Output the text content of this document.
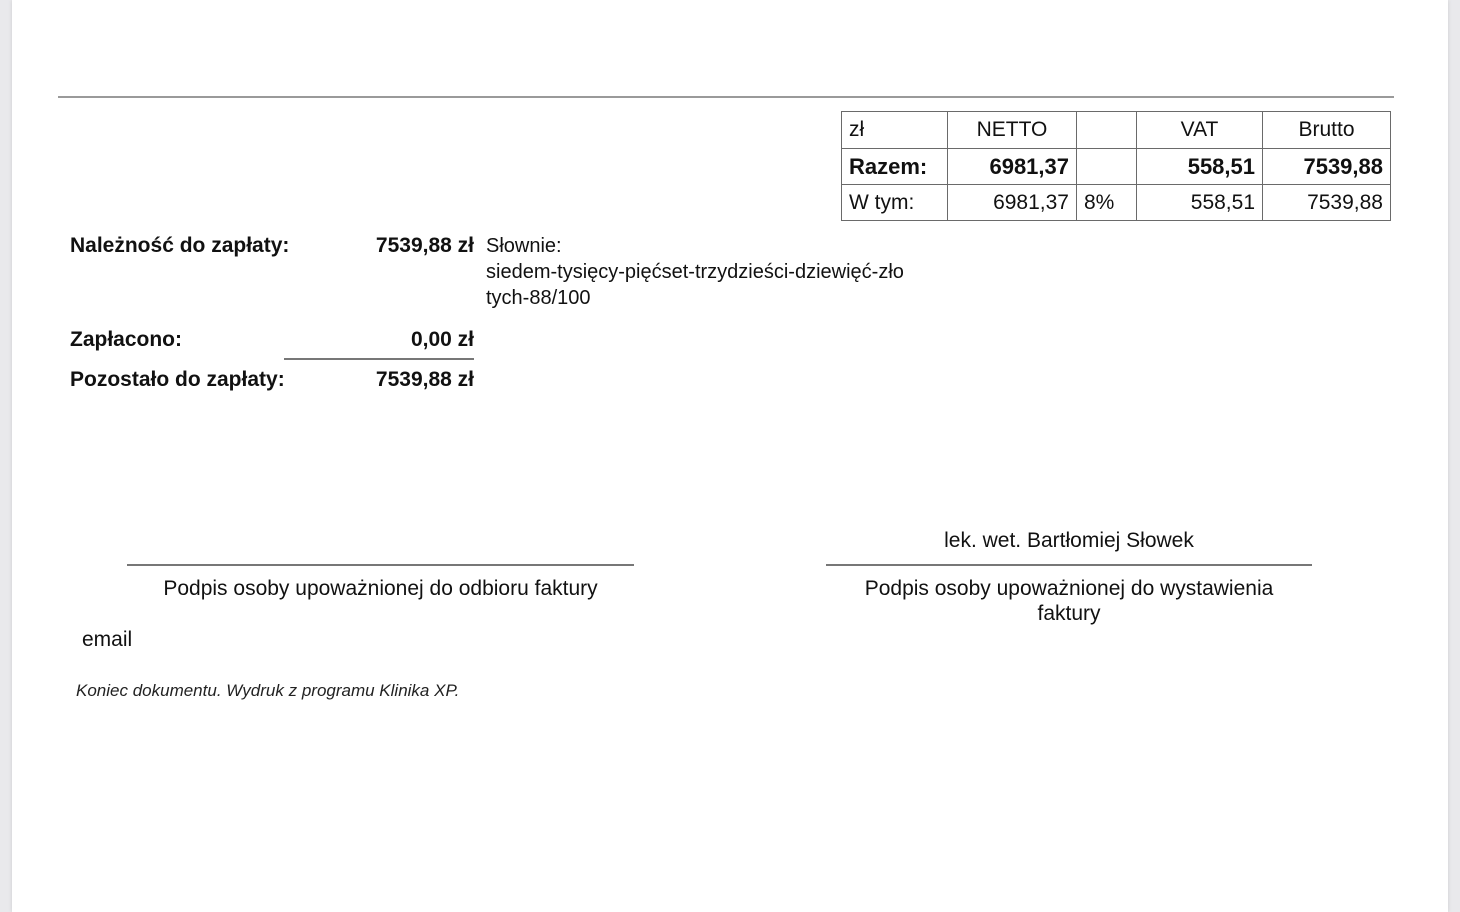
zł	NETTO		VAT	Brutto
Razem:	6981,37		558,51	7539,88
W tym:	6981,37	8%	558,51	7539,88
Należność do zapłaty:	7539,88 zł Słownie:
siedem-tysięcy-pięćset-trzydzieści-dziewięć-zło
tych-88/100
Zapłacono:	0,00 zł
Pozostało do zapłaty:	7539,88 zł
lek. wet. Bartłomiej Słowek
Podpis osoby upoważnionej do odbioru faktury	Podpis osoby upoważnionej do wystawienia
faktury
email
Koniec dokumentu. Wydruk z programu Klinika XP.
